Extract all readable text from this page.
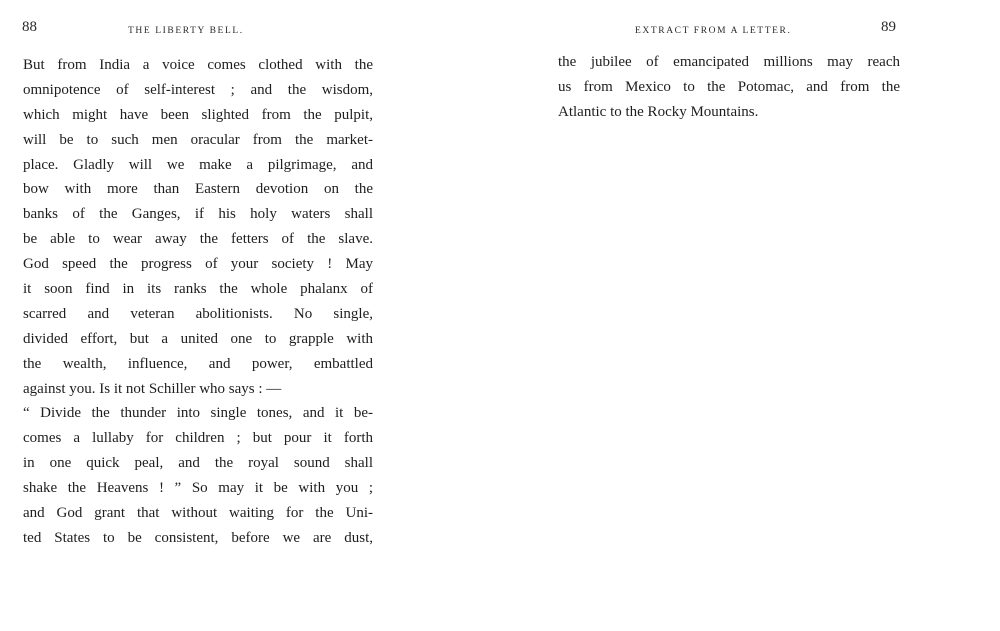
88	THE LIBERTY BELL.
But from India a voice comes clothed with the
omnipotence of self-interest ; and the wisdom,
which might have been slighted from the pulpit,
will be to such men oracular from the market-
place. Gladly will we make a pilgrimage, and
bow with more than Eastern devotion on the
banks of the Ganges, if his holy waters shall
be able to wear away the fetters of the slave.
God speed the progress of your society ! May
it soon find in its ranks the whole phalanx of
scarred and veteran abolitionists. No single,
divided effort, but a united one to grapple with
the wealth, influence, and power, embattled
against you. Is it not Schiller who says : —
“ Divide the thunder into single tones, and it be-
comes a lullaby for children ; but pour it forth
in one quick peal, and the royal sound shall
shake the Heavens ! ” So may it be with you ;
and God grant that without waiting for the Uni-
ted States to be consistent, before we are dust,
EXTRACT FROM A LETTER.	89
the jubilee of emancipated millions may reach
us from Mexico to the Potomac, and from the
Atlantic to the Rocky Mountains.
